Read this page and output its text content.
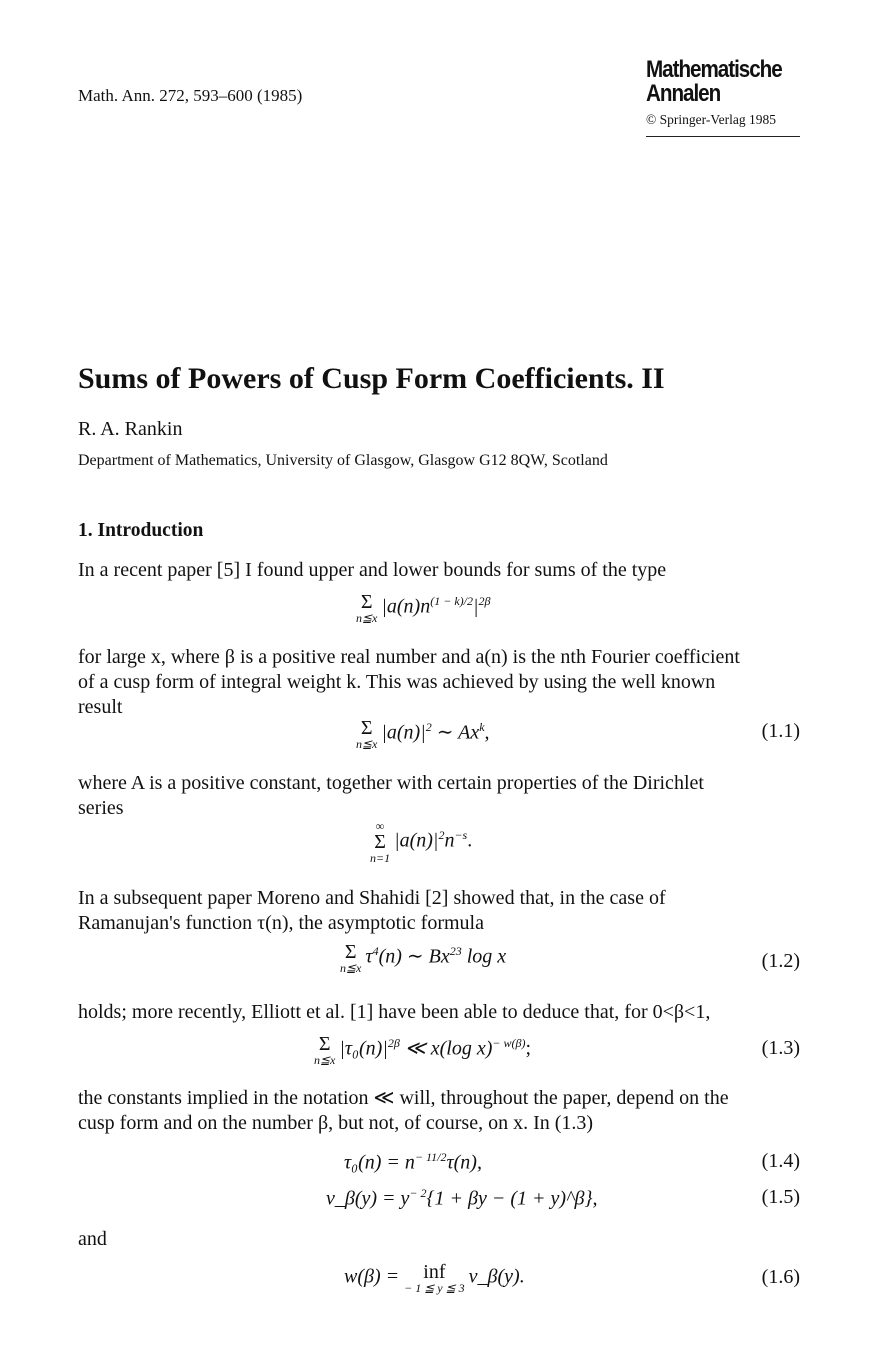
Math. Ann. 272, 593–600 (1985)
Mathematische
Annalen
© Springer-Verlag 1985
Sums of Powers of Cusp Form Coefficients. II
R. A. Rankin
Department of Mathematics, University of Glasgow, Glasgow G12 8QW, Scotland
1. Introduction
In a recent paper [5] I found upper and lower bounds for sums of the type
Σ
n≦x
$|a(n)n^{(1 - k)/2}|^{2\beta}$
for large x, where β is a positive real number and a(n) is the nth Fourier coefficient
of a cusp form of integral weight k. This was achieved by using the well known
result
Σ
n≦x
$|a(n)|^2$ ∼ Ax$^k$,	(1.1)
where A is a positive constant, together with certain properties of the Dirichlet
series
∞
Σ
n=1
$|a(n)|^2n^{-s}$.
In a subsequent paper Moreno and Shahidi [2] showed that, in the case of
Ramanujan's function τ(n), the asymptotic formula
Σ
n≦x
$\tau^4(n)$ ∼ Bx$^{23}$ log x	(1.2)
holds; more recently, Elliott et al. [1] have been able to deduce that, for 0<β<1,
Σ
n≦x
$|\tau_0(n)|^{2\beta}$ ≪ x(log x)$^{- w(\beta)}$;	(1.3)
the constants implied in the notation ≪ will, throughout the paper, depend on the
cusp form and on the number β, but not, of course, on x. In (1.3)
$\tau_0(n) = n^{- 11/2}\tau(n)$,	(1.4)
v_β(y) = $y^{- 2}\{1 + \beta y - (1$ + y)^β},	(1.5)
and
w(β) =	inf
− 1 ≦ y ≦ 3
v_β(y).	(1.6)
